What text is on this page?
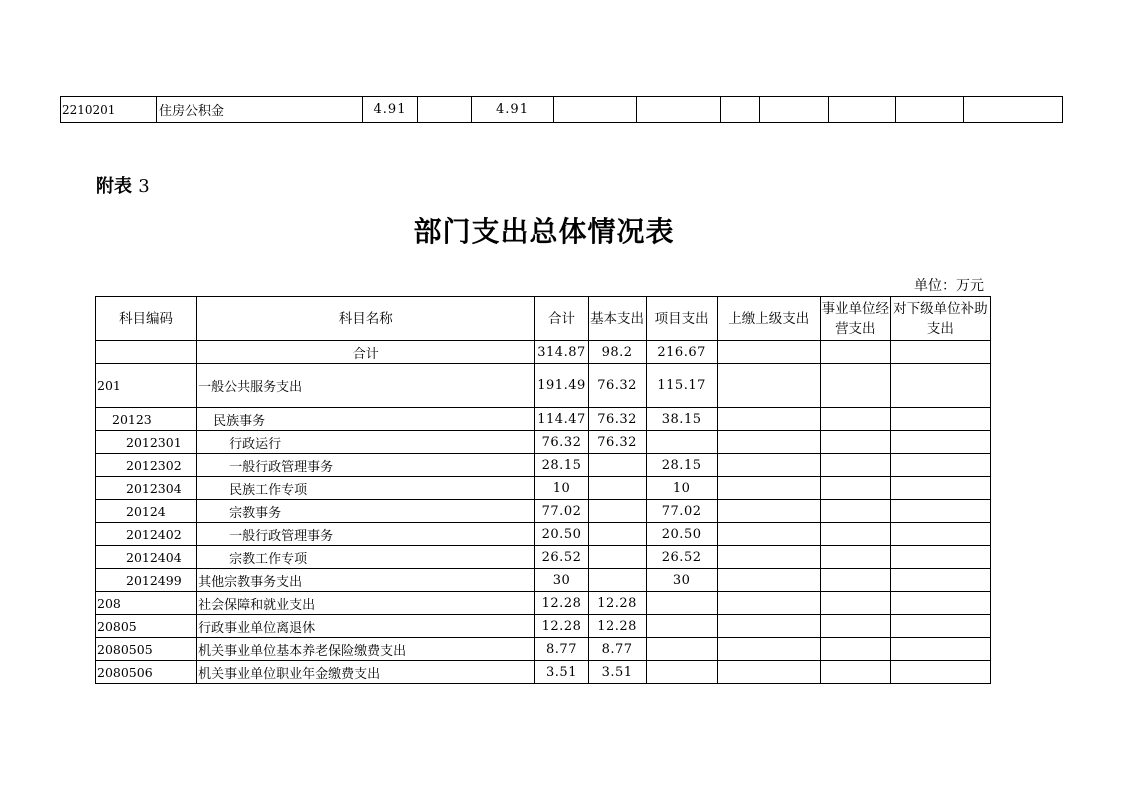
2210201	住房公积金	4.91		4.91							
附表 3
部门支出总体情况表
单位：万元
科目编码	科目名称	合计	基本支出	项目支出	上缴上级支出	事业单位经营支出	对下级单位补助支出
	合计	314.87	98.2	216.67			
201	一般公共服务支出	191.49	76.32	115.17			
20123	民族事务	114.47	76.32	38.15			
2012301	行政运行	76.32	76.32				
2012302	一般行政管理事务	28.15		28.15			
2012304	民族工作专项	10		10			
20124	宗教事务	77.02		77.02			
2012402	一般行政管理事务	20.50		20.50			
2012404	宗教工作专项	26.52		26.52			
2012499	其他宗教事务支出	30		30			
208	社会保障和就业支出	12.28	12.28				
20805	行政事业单位离退休	12.28	12.28				
2080505	机关事业单位基本养老保险缴费支出	8.77	8.77				
2080506	机关事业单位职业年金缴费支出	3.51	3.51				
